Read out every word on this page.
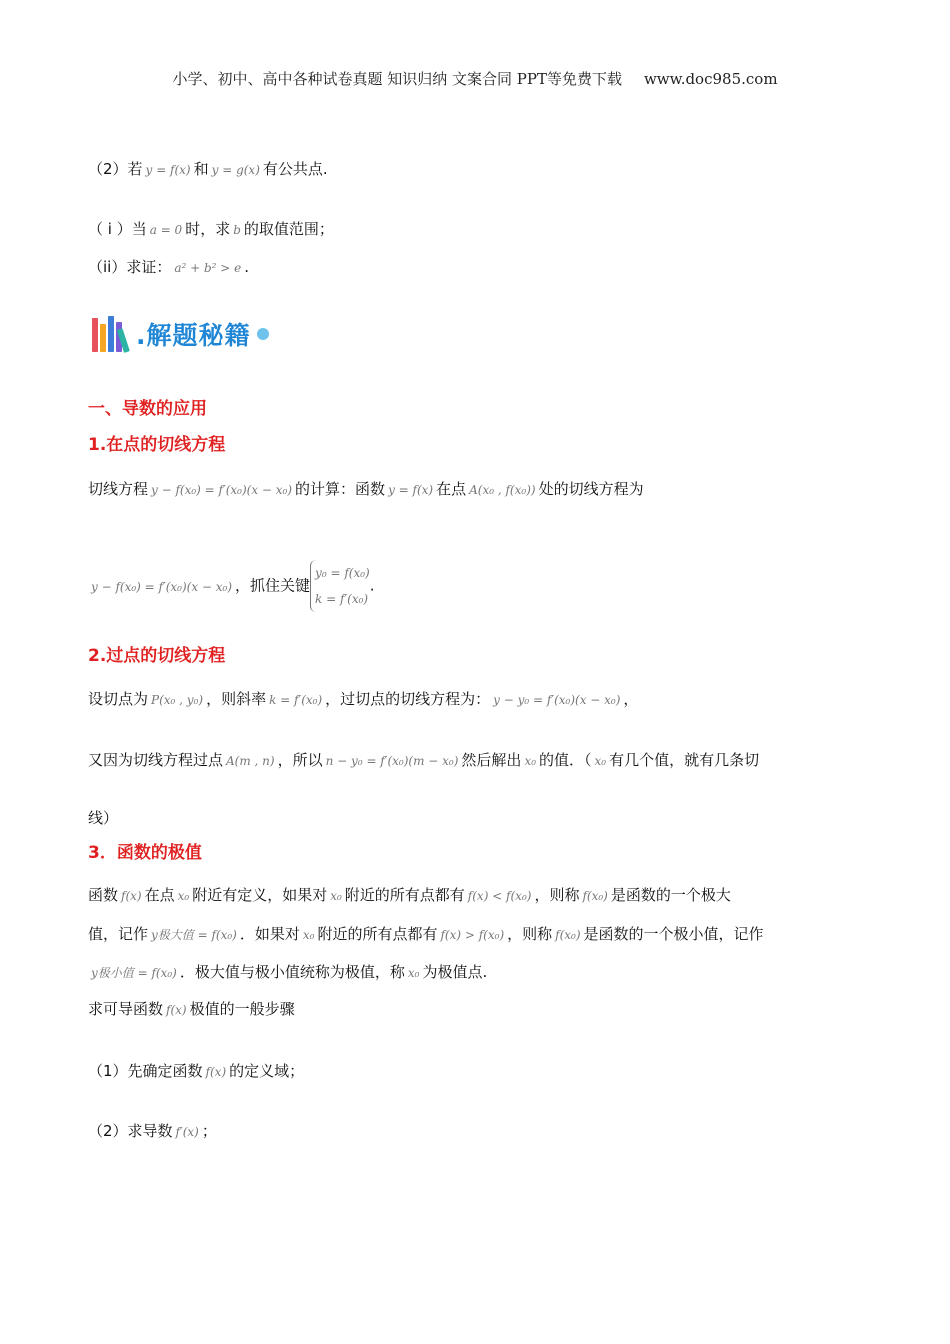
小学、初中、高中各种试卷真题 知识归纳 文案合同 PPT等免费下载 www.doc985.com
（2）若 y = f(x) 和 y = g(x) 有公共点.
（ i ）当 a = 0 时，求 b 的取值范围；
（ii）求证： a² + b² > e .
.解题秘籍
一、导数的应用
1.在点的切线方程
切线方程 y − f(x₀) = f′(x₀)(x − x₀) 的计算：函数 y = f(x) 在点 A(x₀ , f(x₀)) 处的切线方程为
y − f(x₀) = f′(x₀)(x − x₀) ，抓住关键
y₀ = f(x₀)
k = f′(x₀)
.
2.过点的切线方程
设切点为 P(x₀ , y₀) ，则斜率 k = f′(x₀) ，过切点的切线方程为： y − y₀ = f′(x₀)(x − x₀) ，
又因为切线方程过点 A(m , n) ，所以 n − y₀ = f′(x₀)(m − x₀) 然后解出 x₀ 的值．（ x₀ 有几个值，就有几条切
线）
3．函数的极值
函数 f(x) 在点 x₀ 附近有定义，如果对 x₀ 附近的所有点都有 f(x) < f(x₀) ，则称 f(x₀) 是函数的一个极大
值，记作 y极大值 = f(x₀) ．如果对 x₀ 附近的所有点都有 f(x) > f(x₀) ，则称 f(x₀) 是函数的一个极小值，记作
y极小值 = f(x₀) ．极大值与极小值统称为极值，称 x₀ 为极值点.
求可导函数 f(x) 极值的一般步骤
（1）先确定函数 f(x) 的定义域；
（2）求导数 f′(x) ；
